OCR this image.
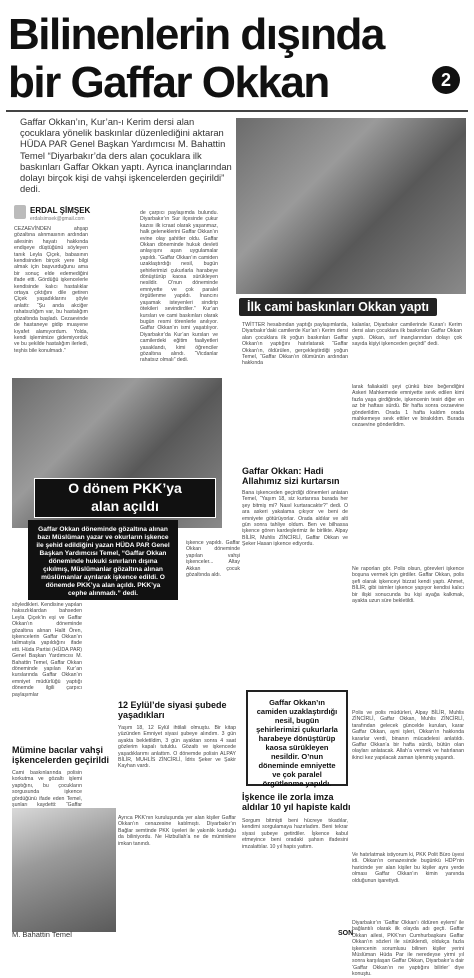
Bilinenlerin dışında
bir Gaffar Okkan	2
Gaffar Okkan’ın, Kur’an-ı Kerim dersi alan çocuklara yönelik baskınlar düzenlediğini aktaran HÜDA PAR Genel Başkan Yardımcısı M. Bahattin Temel “Diyarbakır’da ders alan çocuklara ilk baskınları Gaffar Okkan yaptı. Ayrıca inançlarından dolayı birçok kişi de vahşi işkencelerden geçirildi” dedi.
ERDAL ŞİMŞEK
erdalsimsek@gmail.com
CEZAEVİNDEN ahşap gözaltına alınmasının ardından ailesinin hayatı hakkında endişeye düştüğünü söyleyen tanık Leyla Çiçek, babasının kendisinden birçok yere bilgi almak için başvurduğunu ama bir sonuç elde edemediğini ifade etti. Gördüğü işkencelerle kendisinde kalıcı hastalıklar ortaya çıktığını dile getiren Çiçek yaşadıklarını şöyle anlattı: “Şu anda akciğer rahatsızlığım var, bu hastalığım gözaltında başladı. Cezaevinde de hastaneye gidip muayene kıyafet alamıyordum. Yolda, kendi işlemimize gidemiyorduk ve bu şekilde hastalığım ilerledi, teşhis bile konulmadı.”
de çarpıcı paylaşımda bulundu. Diyarbakır’ın Sur ilçesinde çukur kazısı ilk icraat olarak yaşanmaz, halk geleneklerini Gaffar Okkan’ın evine olay şahitler oldu. Gaffar Okkan döneminde hukuk devleti anlayışını aşan uygulamalar yapıldı. “Gaffar Okkan’ın camiden uzaklaştırdığı nesil, bugün şehirlerimizi çukurlarla harabeye dönüştürüp kaosa sürükleyen nesildir. O’nun döneminde emniyette ve çok paralel örgütlenme yapıldı. İnancını yaşamak isteyenleri sindirip ötekileri sevindirdiler.” Kur’an kursları ve cami baskınları olarak bugün resmi törenlerle anılıyor. Gaffar Okkan’ın ismi yaşatılıyor. Diyarbakır’da Kur’an kursları ve camilerdeki eğitim faaliyetleri yasaklandı, kimi öğrenciler gözaltına alındı. “Vicdanlar rahatsız olmalı” dedi.
İlk cami baskınları Okkan yaptı
TWİTTER hesabından yaptığı paylaşımlarda, Diyarbakır’daki camilerde Kur’an’ı Kerim dersi alan çocuklara ilk yoğun baskınları Gaffar Okkan’ın yaptığını hatırlatarak “Gaffar Okkan’ın, öldürülen, gerçekleştirdiği yoğun Temel, “Gaffar Okkan’ın ölümünün ardından hakkında
kalanlar, Diyarbakır camilerinde Kuran’ı Kerim dersi alan çocuklara ilk baskınları Gaffar Okkan yaptı. Okkan, sırf inançlarından dolayı çok sayıda kişiyi işkenceden geçirdi” dedi.
O dönem PKK’ya
alan açıldı
Gaffar Okkan döneminde gözaltına alınan bazı Müslüman yazar ve okurların işkence ile şehid edildiğini yazan HÜDA PAR Genel Başkan Yardımcısı Temel, “Gaffar Okkan döneminde hukuki sınırların dışına çıkılmış, Müslümanlar gözaltına alınan müslümanlar ayrılarak işkence edildi. O dönemde PKK’ya alan açıldı. PKK’ya cephe alınmadı.” dedi.
söyledikleri. Kendisine yapılan haksızlıklardan bahseden Leyla Çiçek’in eşi ve Gaffar Okkan’ın döneminde gözaltına alınan Halit Ören, işkencelerin Gaffar Okkan’ın talimatıyla yapıldığını ifade etti. Hüda Partisi (HÜDA PAR) Genel Başkan Yardımcısı M. Bahattin Temel, Gaffar Okkan döneminde yapılan Kur’an kurslarında Gaffar Okkan’ın emniyet müdürlüğü yaptığı dönemde ilgili çarpıcı paylaşımlar
Mümine bacılar vahşi işkencelerden geçirildi
Cami baskınlarında polisin korkutma ve gözaltı işlemi yaptığını, bu çocukların sorgusunda işkence gördüğünü ifade eden Temel, şunları kaydetti: “Gaffar
işkence yapıldı. Gaffar Okkan döneminde yapılan vahşi işkenceler... Altay Akkan çocuk gözaltında aldı.
12 Eylül’de siyasi şubede yaşadıkları
Yaşım 18, 12 Eylül ihtilali olmuştu. Bir kitap yüzünden Emniyet siyasi şubeye alındım. 3 gün ayakta bekletildim, 3 gün ayaktan sonra 4 saat gözlerim kapalı tutuldu. Gözaltı ve işkencede yaşadıklarımı anlattım. O dönemde polisin ALPAY BİLİR, MUHLİS ZİNCİRLİ, İdris Şeker ve Şakir Kayhan vardı.
Gaffar Okkan: Hadi Allahımız sizi kurtarsın
Bana işkenceden geçirdiği dönemleri anlatan Temel, “Yaşım 18, siz kurtarırsa burada her şey bitmiş mi? Nasıl kurtaracaktır?” dedi. O ara askeri yakalama çıkıyor ve beni de emniyete götürüyorlar. Orada aldılar ve alti gün sonra tahliye oldum. Ben ve bilhassa işkence gören kardeşlerimiz ile birlikte. Alpay BİLİR, Muhlis ZİNCİRLİ, Gaffar Okkan ve Şeker Hasan işkence ediyordu.
Gaffar Okkan’ın camiden uzaklaştırdığı nesil, bugün şehirlerimizi çukurlarla harabeye dönüştürüp kaosa sürükleyen nesildir. O’nun döneminde emniyette ve çok paralel örgütlenme yapıldı.
İşkence ile zorla imza aldılar 10 yıl hapiste kaldı
Sorgum bitmişti beni hücreye tıkadılar, kendimi sorgulamaya hazırladım. Beni tekrar siyasi şubeye getirdiler. İşkence kabul etmeyince beni oradaki şahsın ifadesini imzalattılar. 10 yıl hapis yattım.
larak faliakaldi şeyi çünkü bize beğendiğini Askeri Mahkemede emniyette sevk edilen kimi fazla yaşa girdiğinde, işkencenin tesiri diğer en az bir haftası sürdü. Bir hafta sonra cezaevine gönderildim. Orada 1 hafta kaldım orada mahkemeye sevk ettiler ve birakıldım. Burada cezaevine gönderildim.
Ne raporları gör. Polis olsun, görevleri işkence boşuna vermek için girdiler. Gaffar Okkan, polis şefi olarak işkenceyi bizzat kendi yaptı. Ahmet, BİLİR, gibi isimler işkence yapıyor kendisi kalıcı bir ilişki sonucunda bu kişi ayağa kalkmak, ayakta uzun süre bekletildi.
Polis ve polis müdürleri, Alpay BİLİR, Muhlis ZİNCİRLİ, Gaffar Okkan, Muhlis ZİNCİRLİ, tarafından gelecek güncelde kurulan, karar Gaffar Okkan, ayni işleri, Okkan’ın hakkında kararlar verdi, binanın mücadelesi anlatıldı. Gaffar Okkan’a bir hafta sürdü, bütün olan olayları anlatacak. Allah’a vermek ve hatırlanan ikinci kez yapılacak zaman işlenmiş yaşandı.
Ve hatırlatmak istiyorum ki, PKK Polit Büro üyesi idi. Okkan’ın cenazesinde bugünkü HDP’nin haricinde yer alan kişiler bu kişiler aynı yerde olması Gaffar Okkan’ın kimin yanında olduğunun işaretiydi.
Ayrıca PKK’nın kuruluşunda yer alan kişiler Gaffar Okkan’ın cenazesine katılmıştı. Diyarbakır’ın Bağlar semtinde PKK üyeleri ile yakınlık kurduğu da biliniyordu. Ne Hizbullah’a ne de müminlere imkan tanındı.
Diyarbakır’ın ‘Gaffar Okkan’ı öldüren eylemi’ ile bağlantılı olarak ilk olayda adı geçti. Gaffar Okkan ailesi, PKK’nın Cumhurbaşkanı Gaffar Okkan’ın sözleri ile sürüklendi, oldukça fazla işkencenin sorumlusu bilinen kişiler yerini Müslüman Hüda Par ile neredeyse yirmi yıl sonra karşılaşan Gaffar Okkan, Diyarbakır’a dair ‘Gaffar Okkan’ın ne yaptığını bilirler’ diye konuştu.
M. Bahattin Temel	SON
